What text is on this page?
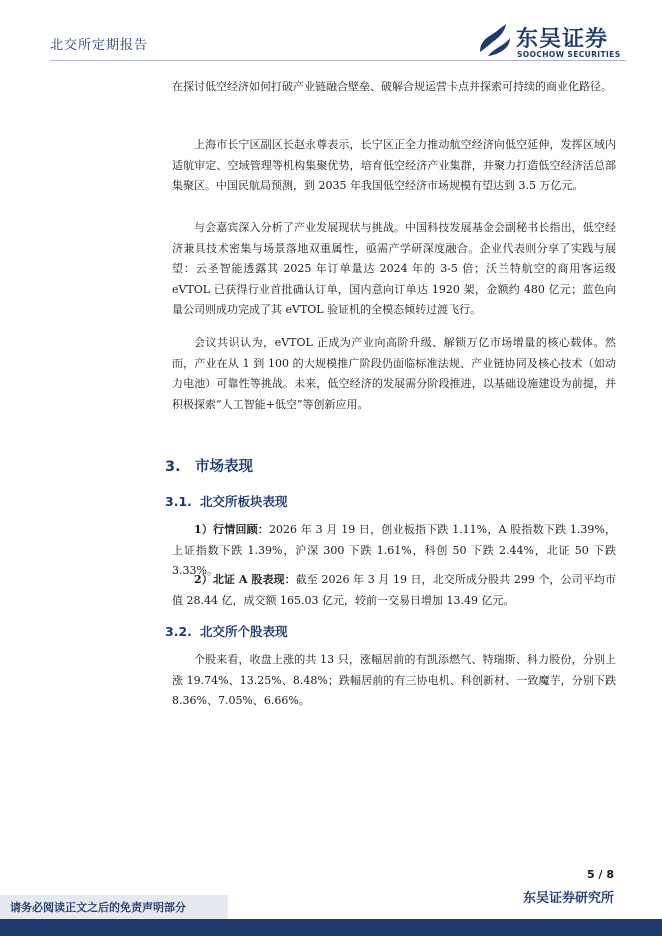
北交所定期报告	东吴证券
SOOCHOW SECURITIES

在探讨低空经济如何打破产业链融合壁垒、破解合规运营卡点并探索可持续的商业化路径。

上海市长宁区副区长赵永尊表示，长宁区正全力推动航空经济向低空延伸，发挥区域内适航审定、空域管理等机构集聚优势，培育低空经济产业集群，并聚力打造低空经济活总部集聚区。中国民航局预测，到 2035 年我国低空经济市场规模有望达到 3.5 万亿元。

与会嘉宾深入分析了产业发展现状与挑战。中国科技发展基金会副秘书长指出，低空经济兼具技术密集与场景落地双重属性，亟需产学研深度融合。企业代表则分享了实践与展望：云圣智能透露其 2025 年订单量达 2024 年的 3-5 倍；沃兰特航空的商用客运级 eVTOL 已获得行业首批确认订单，国内意向订单达 1920 架，金额约 480 亿元；蓝色向量公司则成功完成了其 eVTOL 验证机的全模态倾转过渡飞行。

会议共识认为，eVTOL 正成为产业向高阶升级、解锁万亿市场增量的核心载体。然而，产业在从 1 到 100 的大规模推广阶段仍面临标准法规、产业链协同及核心技术（如动力电池）可靠性等挑战。未来，低空经济的发展需分阶段推进，以基础设施建设为前提，并积极探索“人工智能+低空”等创新应用。

3. 市场表现
3.1. 北交所板块表现

1）行情回顾：2026 年 3 月 19 日，创业板指下跌 1.11%，A 股指数下跌 1.39%，上证指数下跌 1.39%，沪深 300 下跌 1.61%，科创 50 下跌 2.44%，北证 50 下跌 3.33%。

2）北证 A 股表现：截至 2026 年 3 月 19 日，北交所成分股共 299 个，公司平均市值 28.44 亿，成交额 165.03 亿元，较前一交易日增加 13.49 亿元。

3.2. 北交所个股表现

个股来看，收盘上涨的共 13 只，涨幅居前的有凯添燃气、特瑞斯、科力股份，分别上涨 19.74%、13.25%、8.48%；跌幅居前的有三协电机、科创新材、一致魔芋，分别下跌 8.36%、7.05%、6.66%。

5 / 8
请务必阅读正文之后的免责声明部分
东吴证券研究所
